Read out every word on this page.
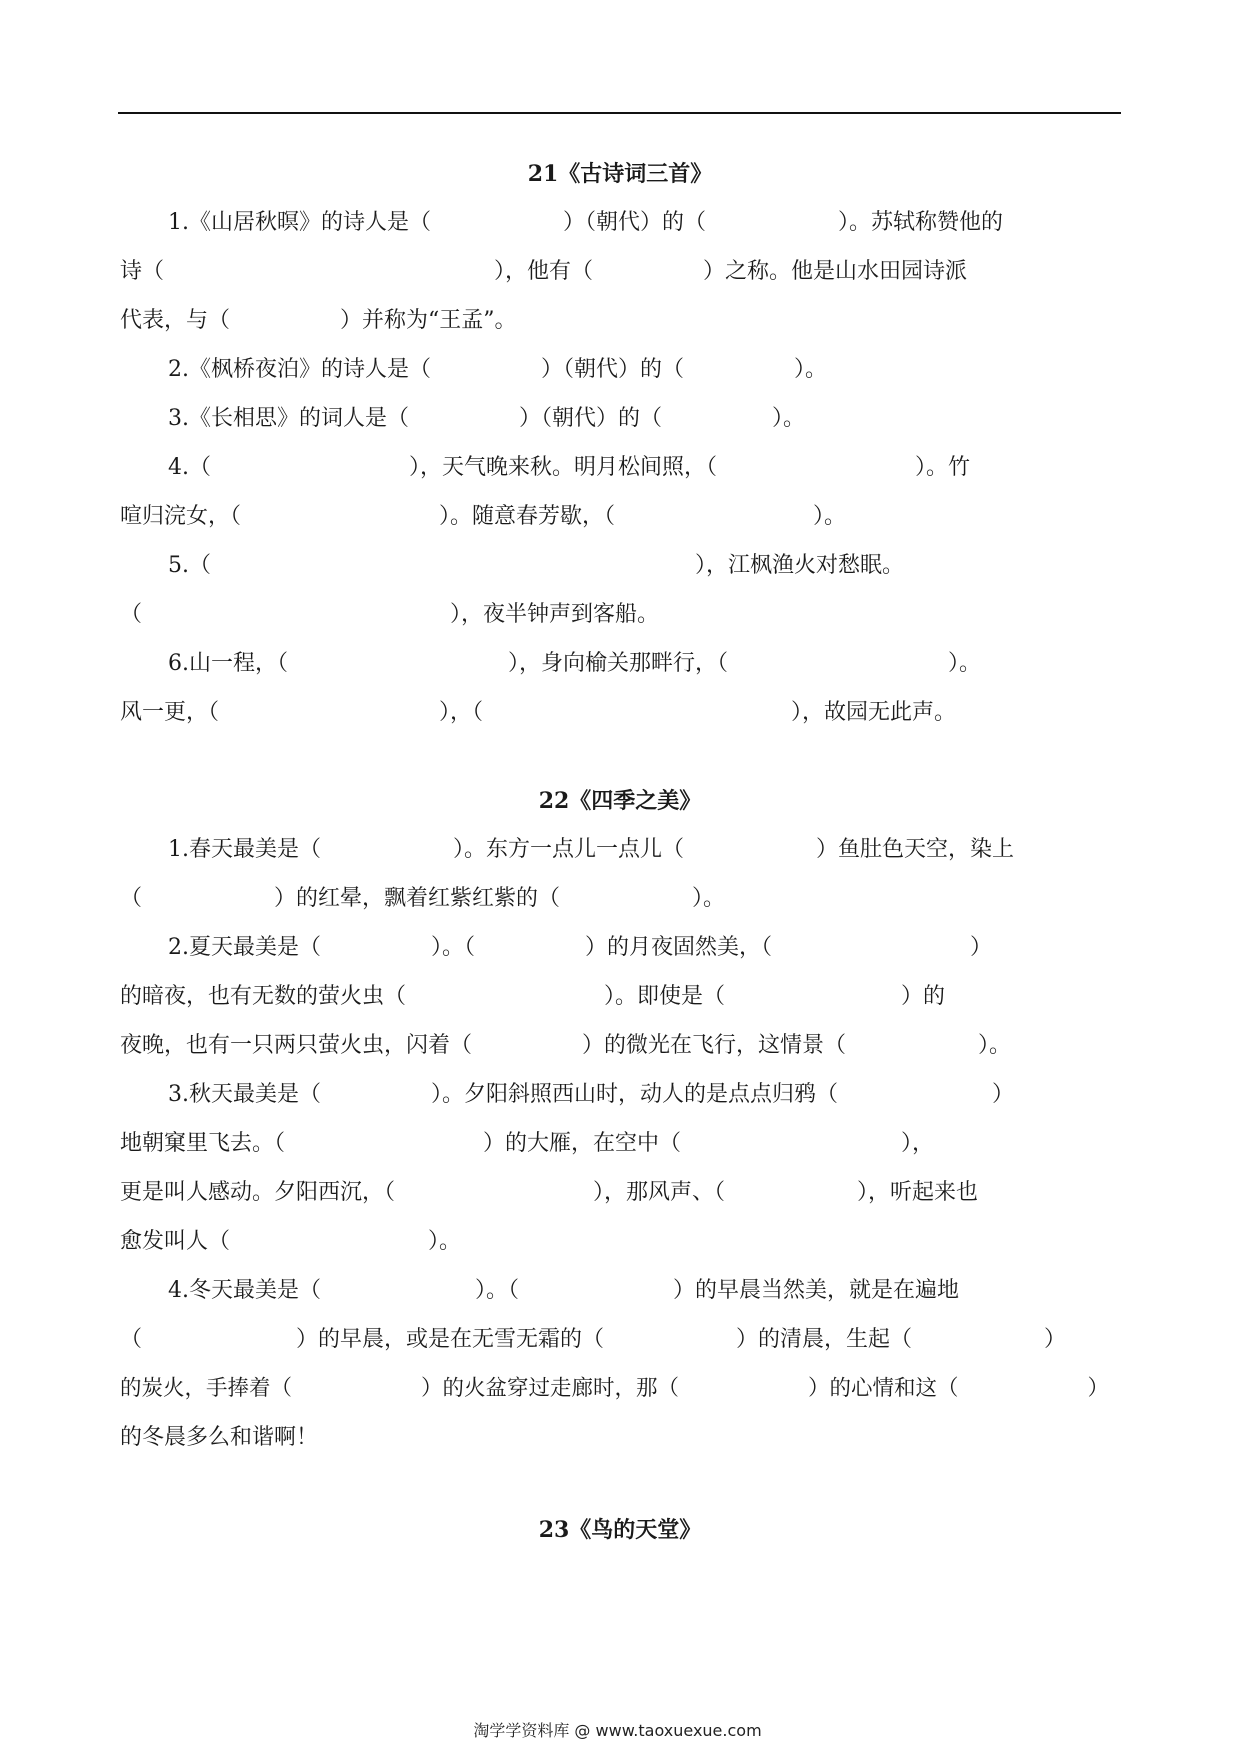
21《古诗词三首》
1.《山居秋暝》的诗人是（　　　　　　）（朝代）的（　　　　　　）。苏轼称赞他的
诗（　　　　　　　　　　　　　　　），他有（　　　　　）之称。他是山水田园诗派
代表，与（　　　　　）并称为“王孟”。
2.《枫桥夜泊》的诗人是（　　　　　）（朝代）的（　　　　　）。
3.《长相思》的词人是（　　　　　）（朝代）的（　　　　　）。
4.（　　　　　　　　　），天气晚来秋。明月松间照，（　　　　　　　　　）。竹
喧归浣女，（　　　　　　　　　）。随意春芳歇，（　　　　　　　　　）。
5.（　　　　　　　　　　　　　　　　　　　　　　），江枫渔火对愁眠。
（　　　　　　　　　　　　　　），夜半钟声到客船。
6.山一程，（　　　　　　　　　　），身向榆关那畔行，（　　　　　　　　　　）。
风一更，（　　　　　　　　　　），（　　　　　　　　　　　　　　），故园无此声。
22《四季之美》
1.春天最美是（　　　　　　）。东方一点儿一点儿（　　　　　　）鱼肚色天空，染上
（　　　　　　）的红晕，飘着红紫红紫的（　　　　　　）。
2.夏天最美是（　　　　　）。（　　　　　）的月夜固然美，（　　　　　　　　　）
的暗夜，也有无数的萤火虫（　　　　　　　　　）。即使是（　　　　　　　　）的
夜晚，也有一只两只萤火虫，闪着（　　　　　）的微光在飞行，这情景（　　　　　　）。
3.秋天最美是（　　　　　）。夕阳斜照西山时，动人的是点点归鸦（　　　　　　　）
地朝窠里飞去。（　　　　　　　　　）的大雁，在空中（　　　　　　　　　　），
更是叫人感动。夕阳西沉，（　　　　　　　　　），那风声、（　　　　　　），听起来也
愈发叫人（　　　　　　　　　）。
4.冬天最美是（　　　　　　　）。（　　　　　　　）的早晨当然美，就是在遍地
（　　　　　　　）的早晨，或是在无雪无霜的（　　　　　　）的清晨，生起（　　　　　　）
的炭火，手捧着（　　　　　　）的火盆穿过走廊时，那（　　　　　　）的心情和这（　　　　　　）
的冬晨多么和谐啊！
23《鸟的天堂》
淘学学资料库 @ www.taoxuexue.com
